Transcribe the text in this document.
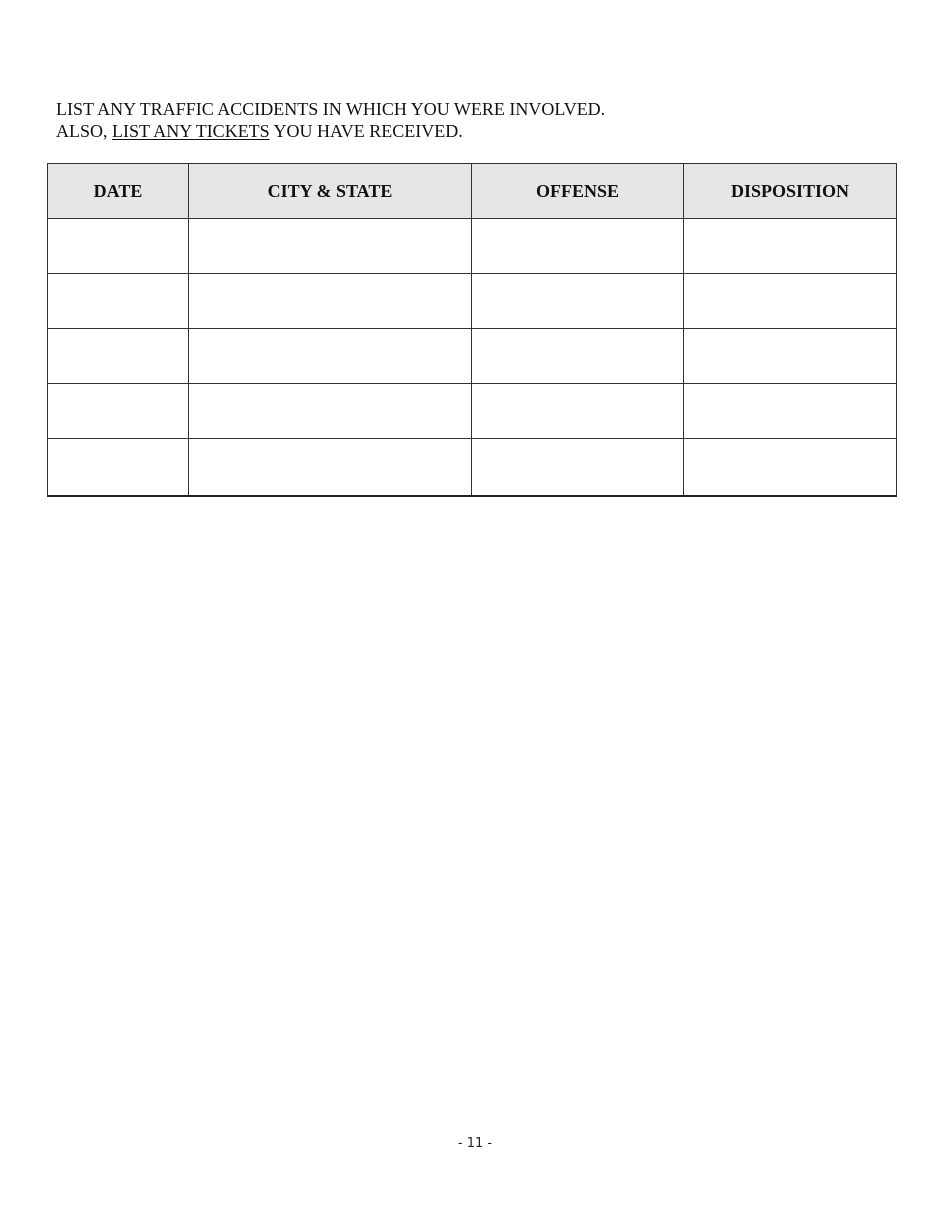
LIST ANY TRAFFIC ACCIDENTS IN WHICH YOU WERE INVOLVED.
ALSO, LIST ANY TICKETS YOU HAVE RECEIVED.
DATE	CITY & STATE	OFFENSE	DISPOSITION

- 11 -
